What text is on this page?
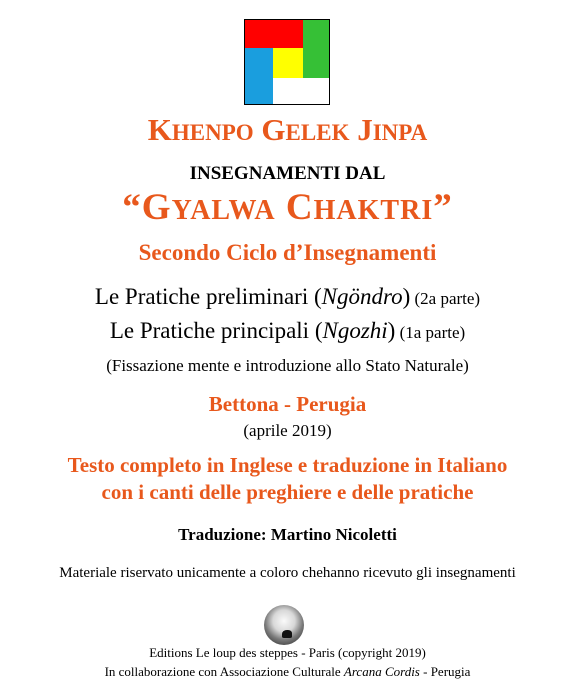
KHENPO GELEK JINPA
INSEGNAMENTI DAL
“GYALWA CHAKTRI”
Secondo Ciclo d’Insegnamenti
Le Pratiche preliminari (Ngöndro) (2a parte)
Le Pratiche principali (Ngozhi) (1a parte)
(Fissazione mente e introduzione allo Stato Naturale)
Bettona - Perugia
(aprile 2019)
Testo completo in Inglese e traduzione in Italiano
con i canti delle preghiere e delle pratiche
Traduzione: Martino Nicoletti
Materiale riservato unicamente a coloro chehanno ricevuto gli insegnamenti
Editions Le loup des steppes - Paris (copyright 2019)
In collaborazione con Associazione Culturale Arcana Cordis - Perugia
